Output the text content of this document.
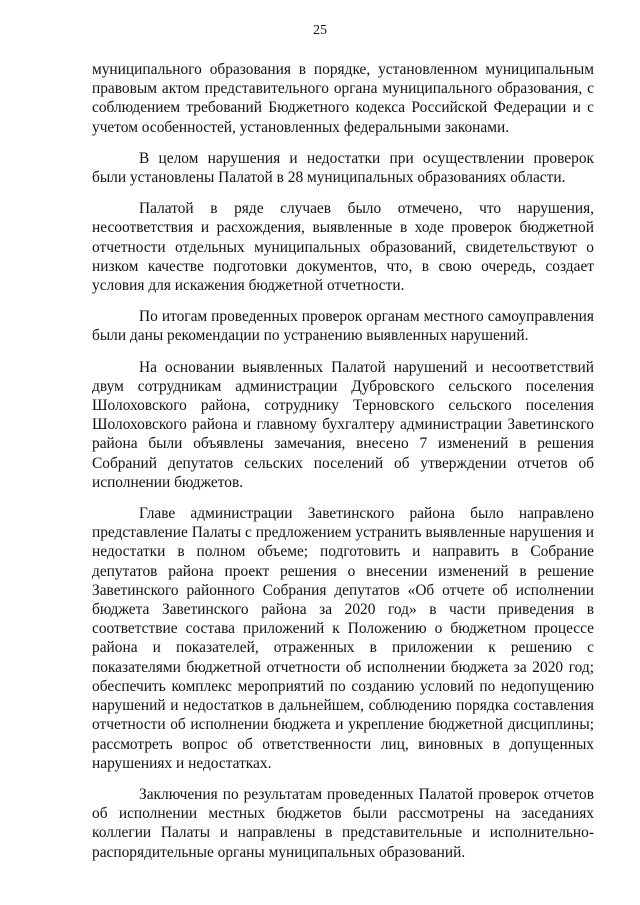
25

муниципального образования в порядке, установленном муниципальным правовым актом представительного органа муниципального образования, с соблюдением требований Бюджетного кодекса Российской Федерации и с учетом особенностей, установленных федеральными законами.

В целом нарушения и недостатки при осуществлении проверок были установлены Палатой в 28 муниципальных образованиях области.

Палатой в ряде случаев было отмечено, что нарушения, несоответствия и расхождения, выявленные в ходе проверок бюджетной отчетности отдельных муниципальных образований, свидетельствуют о низком качестве подготовки документов, что, в свою очередь, создает условия для искажения бюджетной отчетности.

По итогам проведенных проверок органам местного самоуправления были даны рекомендации по устранению выявленных нарушений.

На основании выявленных Палатой нарушений и несоответствий двум сотрудникам администрации Дубровского сельского поселения Шолоховского района, сотруднику Терновского сельского поселения Шолоховского района и главному бухгалтеру администрации Заветинского района были объявлены замечания, внесено 7 изменений в решения Собраний депутатов сельских поселений об утверждении отчетов об исполнении бюджетов.

Главе администрации Заветинского района было направлено представление Палаты с предложением устранить выявленные нарушения и недостатки в полном объеме; подготовить и направить в Собрание депутатов района проект решения о внесении изменений в решение Заветинского районного Собрания депутатов «Об отчете об исполнении бюджета Заветинского района за 2020 год» в части приведения в соответствие состава приложений к Положению о бюджетном процессе района и показателей, отраженных в приложении к решению с показателями бюджетной отчетности об исполнении бюджета за 2020 год; обеспечить комплекс мероприятий по созданию условий по недопущению нарушений и недостатков в дальнейшем, соблюдению порядка составления отчетности об исполнении бюджета и укрепление бюджетной дисциплины; рассмотреть вопрос об ответственности лиц, виновных в допущенных нарушениях и недостатках.

Заключения по результатам проведенных Палатой проверок отчетов об исполнении местных бюджетов были рассмотрены на заседаниях коллегии Палаты и направлены в представительные и исполнительно-распорядительные органы муниципальных образований.
